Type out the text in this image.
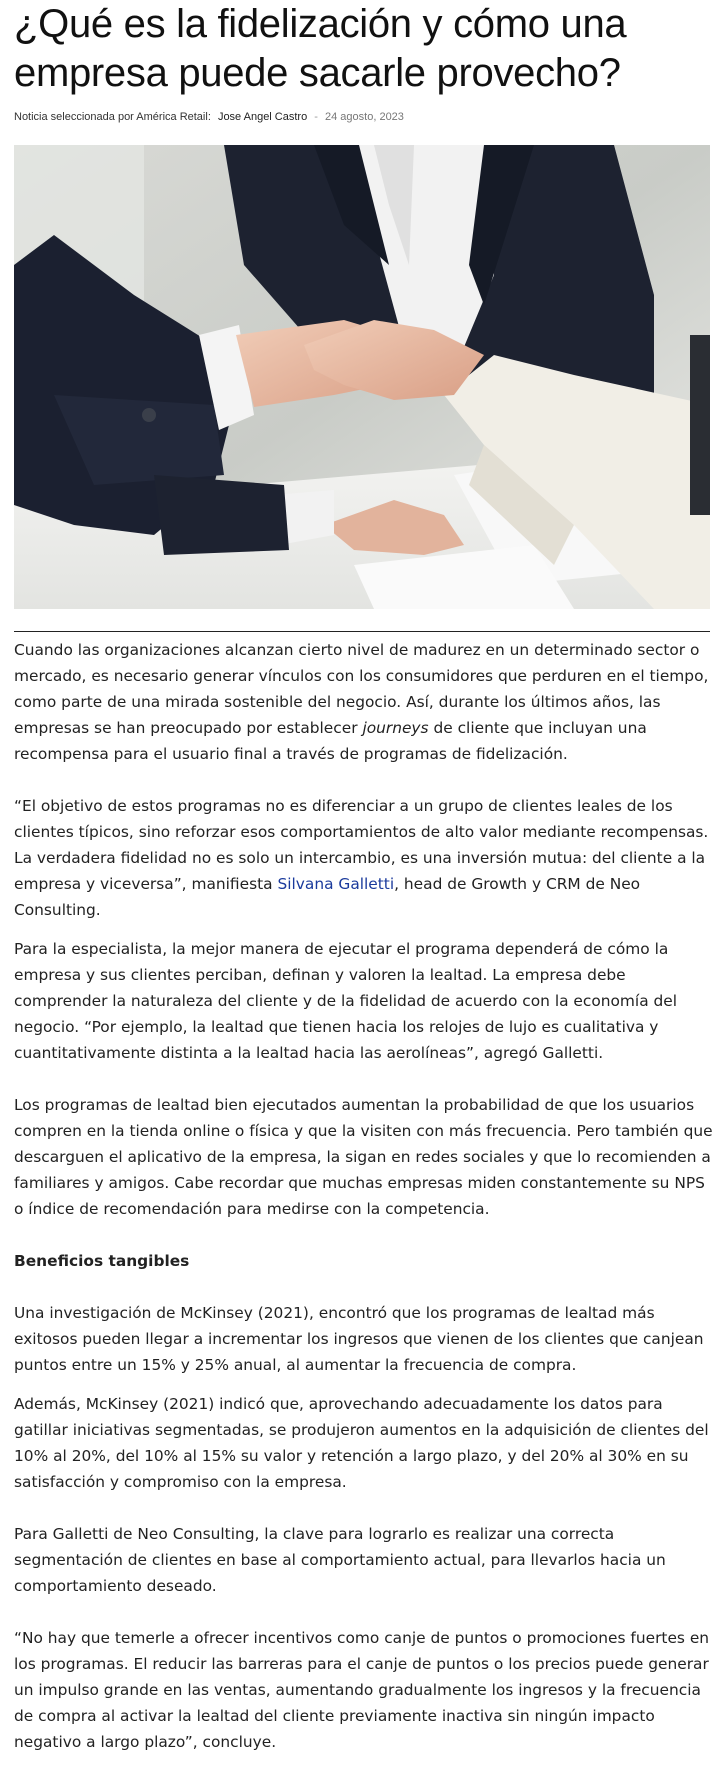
¿Qué es la fidelización y cómo una empresa puede sacarle provecho?
Noticia seleccionada por América Retail: Jose Angel Castro - 24 agosto, 2023

Cuando las organizaciones alcanzan cierto nivel de madurez en un determinado sector o mercado, es necesario generar vínculos con los consumidores que perduren en el tiempo, como parte de una mirada sostenible del negocio. Así, durante los últimos años, las empresas se han preocupado por establecer journeys de cliente que incluyan una recompensa para el usuario final a través de programas de fidelización.

“El objetivo de estos programas no es diferenciar a un grupo de clientes leales de los clientes típicos, sino reforzar esos comportamientos de alto valor mediante recompensas. La verdadera fidelidad no es solo un intercambio, es una inversión mutua: del cliente a la empresa y viceversa”, manifiesta Silvana Galletti, head de Growth y CRM de Neo Consulting.

Para la especialista, la mejor manera de ejecutar el programa dependerá de cómo la empresa y sus clientes perciban, definan y valoren la lealtad. La empresa debe comprender la naturaleza del cliente y de la fidelidad de acuerdo con la economía del negocio. “Por ejemplo, la lealtad que tienen hacia los relojes de lujo es cualitativa y cuantitativamente distinta a la lealtad hacia las aerolíneas”, agregó Galletti.

Los programas de lealtad bien ejecutados aumentan la probabilidad de que los usuarios compren en la tienda online o física y que la visiten con más frecuencia. Pero también que descarguen el aplicativo de la empresa, la sigan en redes sociales y que lo recomienden a familiares y amigos. Cabe recordar que muchas empresas miden constantemente su NPS o índice de recomendación para medirse con la competencia.

Beneficios tangibles

Una investigación de McKinsey (2021), encontró que los programas de lealtad más exitosos pueden llegar a incrementar los ingresos que vienen de los clientes que canjean puntos entre un 15% y 25% anual, al aumentar la frecuencia de compra.

Además, McKinsey (2021) indicó que, aprovechando adecuadamente los datos para gatillar iniciativas segmentadas, se produjeron aumentos en la adquisición de clientes del 10% al 20%, del 10% al 15% su valor y retención a largo plazo, y del 20% al 30% en su satisfacción y compromiso con la empresa.

Para Galletti de Neo Consulting, la clave para lograrlo es realizar una correcta segmentación de clientes en base al comportamiento actual, para llevarlos hacia un comportamiento deseado.

“No hay que temerle a ofrecer incentivos como canje de puntos o promociones fuertes en los programas. El reducir las barreras para el canje de puntos o los precios puede generar un impulso grande en las ventas, aumentando gradualmente los ingresos y la frecuencia de compra al activar la lealtad del cliente previamente inactiva sin ningún impacto negativo a largo plazo”, concluye.
